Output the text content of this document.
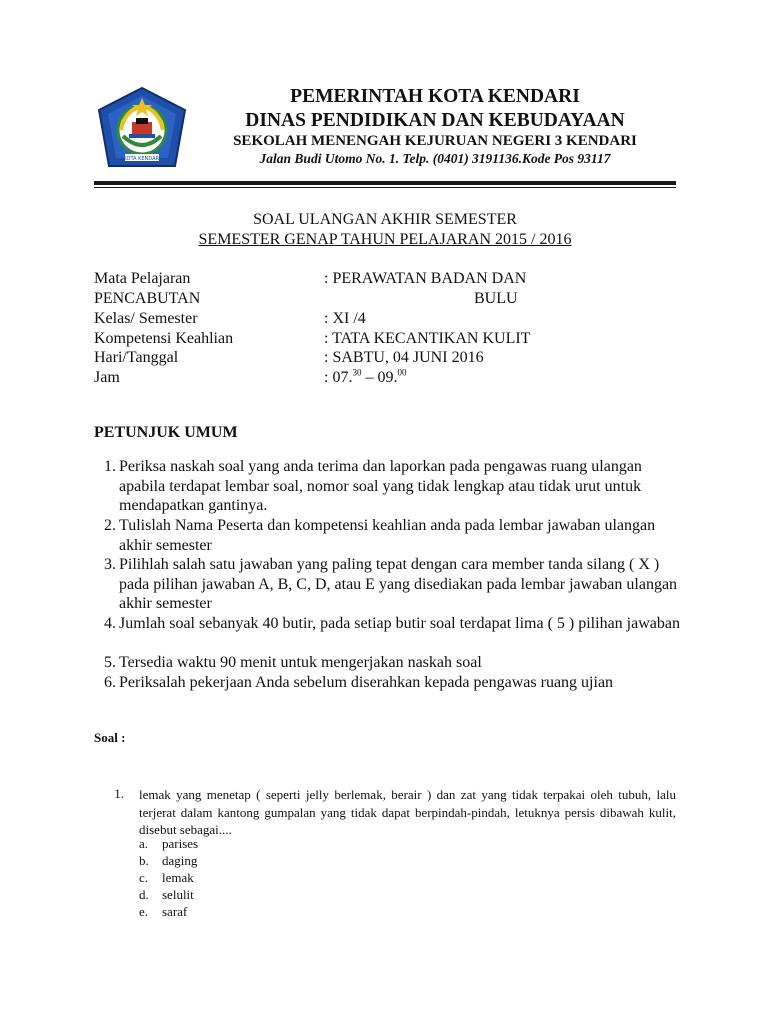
KOTA KENDARI
PEMERINTAH KOTA KENDARI
DINAS PENDIDIKAN DAN KEBUDAYAAN
SEKOLAH MENENGAH KEJURUAN NEGERI 3 KENDARI
Jalan Budi Utomo No. 1. Telp. (0401) 3191136.Kode Pos 93117
SOAL ULANGAN AKHIR SEMESTER
SEMESTER GENAP TAHUN PELAJARAN 2015 / 2016
Mata Pelajaran	: PERAWATAN BADAN DAN
PENCABUTAN	BULU
Kelas/ Semester	: XI /4
Kompetensi Keahlian	: TATA KECANTIKAN KULIT
Hari/Tanggal	: SABTU, 04 JUNI 2016
Jam	: 07.30 – 09.00
PETUNJUK UMUM
1. Periksa naskah soal yang anda terima dan laporkan pada pengawas ruang ulangan apabila terdapat lembar soal, nomor soal yang tidak lengkap atau tidak urut untuk mendapatkan gantinya.
2. Tulislah Nama Peserta dan kompetensi keahlian anda pada lembar jawaban ulangan akhir semester
3. Pilihlah salah satu jawaban yang paling tepat dengan cara member tanda silang ( X ) pada pilihan jawaban A, B, C, D, atau E yang disediakan pada lembar jawaban ulangan akhir semester
4. Jumlah soal sebanyak 40 butir, pada setiap butir soal terdapat lima ( 5 ) pilihan jawaban
5. Tersedia waktu 90 menit untuk mengerjakan naskah soal
6. Periksalah pekerjaan Anda sebelum diserahkan kepada pengawas ruang ujian
Soal :
1. lemak yang menetap ( seperti jelly berlemak, berair ) dan zat yang tidak terpakai oleh tubuh, lalu terjerat dalam kantong gumpalan yang tidak dapat berpindah-pindah, letuknya persis dibawah kulit, disebut sebagai....
a. parises
b. daging
c. lemak
d. selulit
e. saraf
